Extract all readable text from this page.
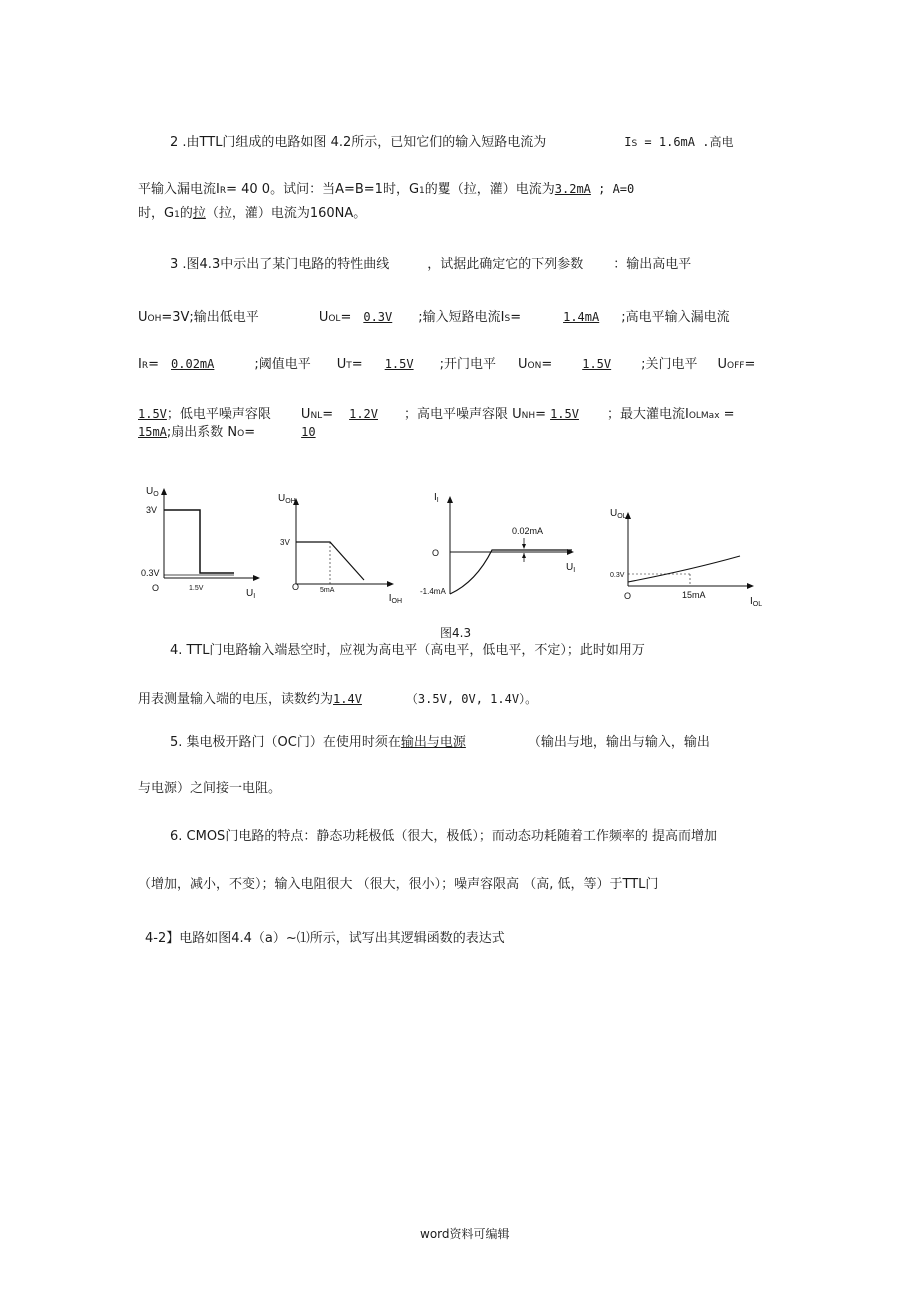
2 .由TTL门组成的电路如图 4.2所示，已知它们的输入短路电流为	IS = 1.6mA .高电
平输入漏电流IR= 40 0。试问：当A=B=1时，G1的矍（拉，灌）电流为3.2mA ; A=0
时，G1的拉（拉，灌）电流为160NA。
3 .图4.3中示出了某门电路的特性曲线	，试据此确定它的下列参数 ：输出高电平
UOH=3V;输出低电平	UOL= 0.3V ;输入短路电流IS=	1.4mA ;高电平输入漏电流
IR= 0.02mA	;阈值电平 UT= 1.5V ;开门电平 UON=	1.5V ;关门电平 UOFF=
1.5V；低电平噪声容限 UNL= 1.2V ；高电平噪声容限 UNH= 1.5V ；最大灌电流IOLMax =
15mA;扇出系数 NO=	10
$U_O$
3V
0.3V
1.5V
O	$U_I$
$U_{OH}$
3V
5mA
O
$I_{OH}$
$I_I$
0.02mA
O
$U_I$
-1.4mA
$U_{OL}$
0.3V
15mA
O	$I_{OL}$
图4.3
4. TTL门电路输入端悬空时，应视为高电平（高电平，低电平，不定）；此时如用万
用表测量输入端的电压，读数约为1.4V	（3.5V, 0V, 1.4V）。
5. 集电极开路门（OC门）在使用时须在输出与电源	（输出与地，输出与输入，输出
与电源）之间接一电阻。
6. CMOS门电路的特点：静态功耗极低（很大，极低）；而动态功耗随着工作频率的 提高而增加
（增加，减小，不变）；输入电阻很大 （很大，很小）；噪声容限高 （高, 低，等）于TTL门
4-2】电路如图4.4（a）~⑴所示，试写出其逻辑函数的表达式
word资料可编辑
